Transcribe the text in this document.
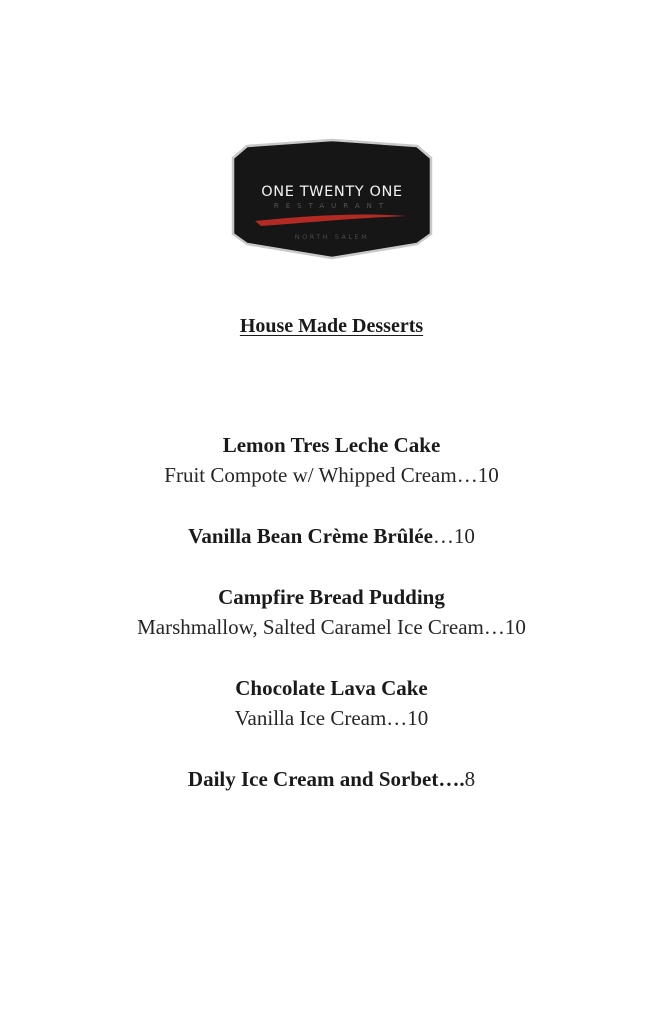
ONE TWENTY ONE
RESTAURANT
NORTH SALEM
House Made Desserts
Lemon Tres Leche Cake
Fruit Compote w/ Whipped Cream…10
Vanilla Bean Crème Brûlée…10
Campfire Bread Pudding
Marshmallow, Salted Caramel Ice Cream…10
Chocolate Lava Cake
Vanilla Ice Cream…10
Daily Ice Cream and Sorbet….8
